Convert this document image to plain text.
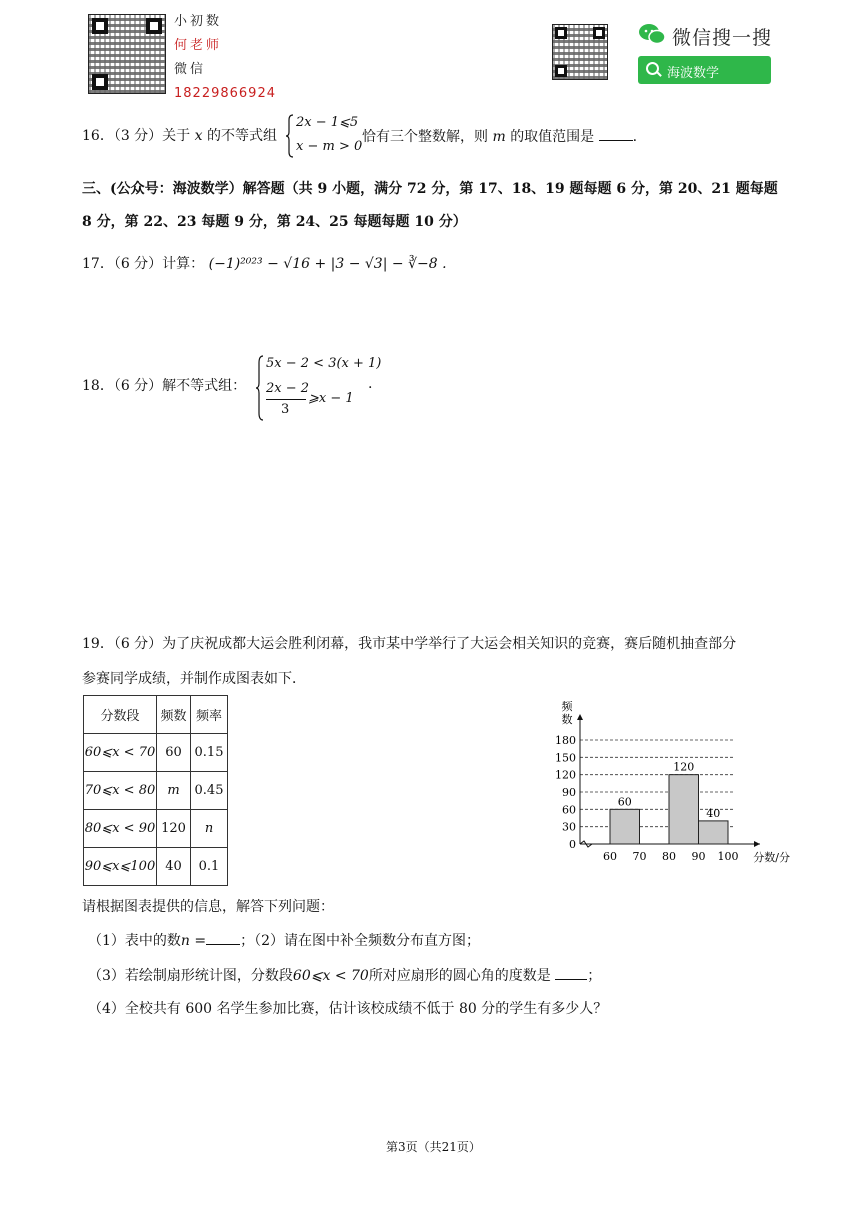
小初数
何老师
微信
18229866924
微信搜一搜
海波数学
16．（3 分）关于 x 的不等式组
2x − 1⩽5
x − m > 0
恰有三个整数解，则 m 的取值范围是	.
三、(公众号：海波数学）解答题（共 9 小题，满分 72 分，第 17、18、19 题每题 6 分，第 20、21 题每题
8 分，第 22、23 每题 9 分，第 24、25 每题每题 10 分）
17．（6 分）计算： (−1)²⁰²³ − √16 + |3 − √3| − ∛−8 .
18．（6 分）解不等式组：
5x − 2 < 3(x + 1)
2x − 2
3
⩾x − 1
.
19．（6 分）为了庆祝成都大运会胜利闭幕，我市某中学举行了大运会相关知识的竞赛，赛后随机抽查部分
参赛同学成绩，并制作成图表如下．
分数段	频数	频率
60⩽x < 70	60	0.15
70⩽x < 80	m	0.45
80⩽x < 90	120	n
90⩽x⩽100	40	0.1
频
数
0
30
60
90
120
150
180
60 70 80 90 100 分数/分
60
120
40
请根据图表提供的信息，解答下列问题：
（1）表中的数n = ；（2）请在图中补全频数分布直方图；
（3）若绘制扇形统计图，分数段60⩽x < 70所对应扇形的圆心角的度数是	；
（4）全校共有 600 名学生参加比赛，估计该校成绩不低于 80 分的学生有多少人？
第3页（共21页）
